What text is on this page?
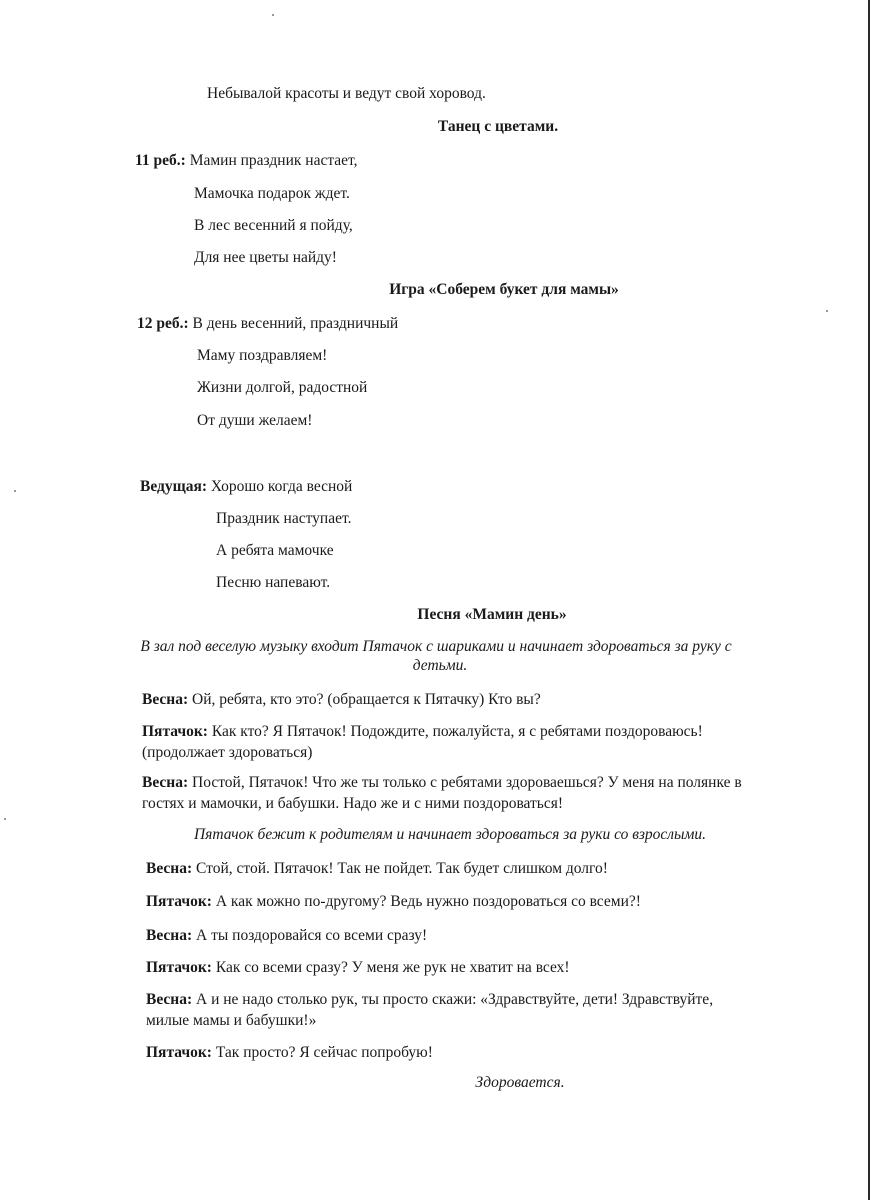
Небывалой красоты и ведут свой хоровод.
Танец с цветами.
11 реб.: Мамин праздник настает,
Мамочка подарок ждет.
В лес весенний я пойду,
Для нее цветы найду!
Игра «Соберем букет для мамы»
12 реб.: В день весенний, праздничный
Маму поздравляем!
Жизни долгой, радостной
От души желаем!
Ведущая: Хорошо когда весной
Праздник наступает.
А ребята мамочке
Песню напевают.
Песня «Мамин день»
В зал под веселую музыку входит Пятачок с шариками и начинает здороваться за руку с
детьми.
Весна: Ой, ребята, кто это? (обращается к Пятачку) Кто вы?
Пятачок: Как кто? Я Пятачок! Подождите, пожалуйста, я с ребятами поздороваюсь!
(продолжает здороваться)
Весна: Постой, Пятачок! Что же ты только с ребятами здороваешься? У меня на полянке в
гостях и мамочки, и бабушки. Надо же и с ними поздороваться!
Пятачок бежит к родителям и начинает здороваться за руки со взрослыми.
Весна: Стой, стой. Пятачок! Так не пойдет. Так будет слишком долго!
Пятачок: А как можно по-другому? Ведь нужно поздороваться со всеми?!
Весна: А ты поздоровайся со всеми сразу!
Пятачок: Как со всеми сразу? У меня же рук не хватит на всех!
Весна: А и не надо столько рук, ты просто скажи: «Здравствуйте, дети! Здравствуйте,
милые мамы и бабушки!»
Пятачок: Так просто? Я сейчас попробую!
Здоровается.
